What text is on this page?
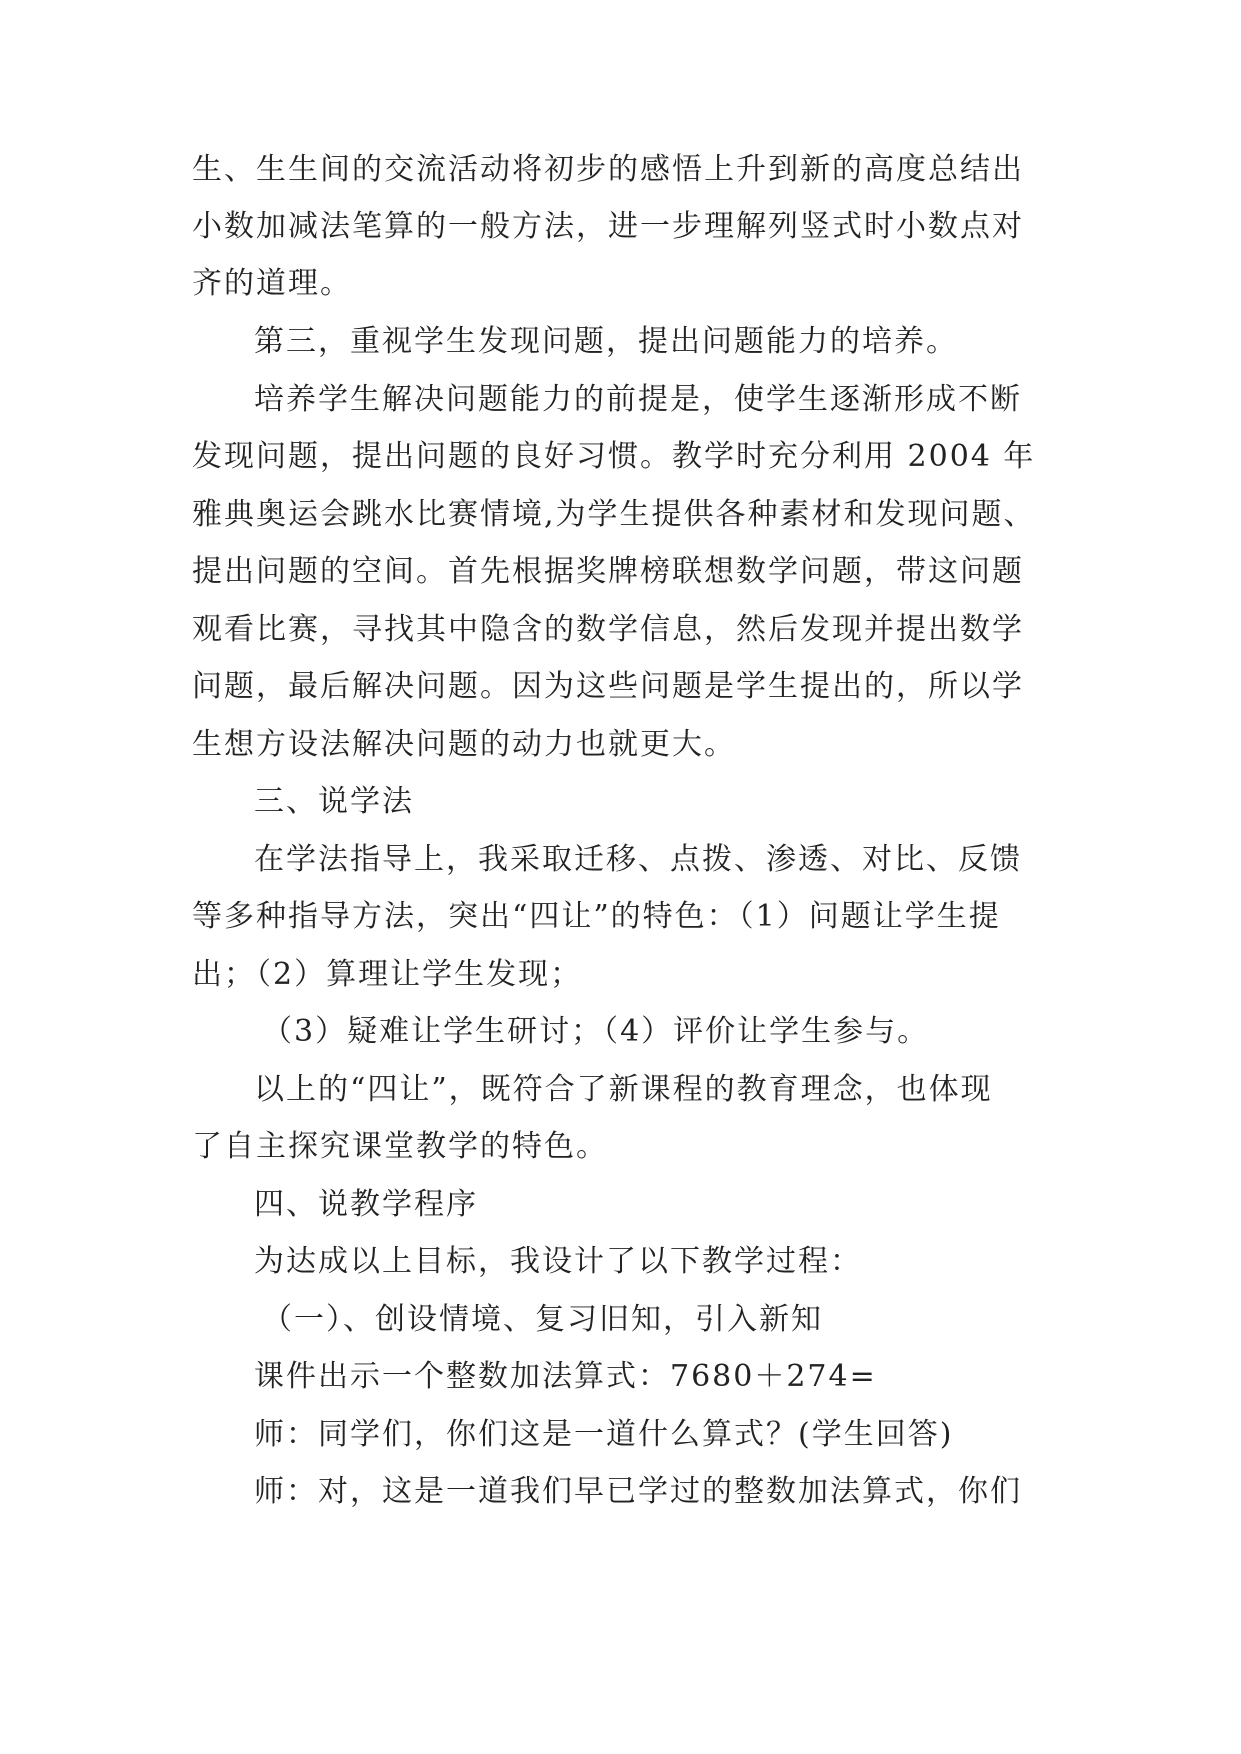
生、生生间的交流活动将初步的感悟上升到新的高度总结出
小数加减法笔算的一般方法，进一步理解列竖式时小数点对
齐的道理。
第三，重视学生发现问题，提出问题能力的培养。
培养学生解决问题能力的前提是，使学生逐渐形成不断
发现问题，提出问题的良好习惯。教学时充分利用 2004 年
雅典奥运会跳水比赛情境,为学生提供各种素材和发现问题、
提出问题的空间。首先根据奖牌榜联想数学问题，带这问题
观看比赛，寻找其中隐含的数学信息，然后发现并提出数学
问题，最后解决问题。因为这些问题是学生提出的，所以学
生想方设法解决问题的动力也就更大。
三、说学法
在学法指导上，我采取迁移、点拨、渗透、对比、反馈
等多种指导方法，突出“四让”的特色：（1）问题让学生提
出；（2）算理让学生发现；
（3）疑难让学生研讨；（4）评价让学生参与。
以上的“四让”，既符合了新课程的教育理念，也体现
了自主探究课堂教学的特色。
四、说教学程序
为达成以上目标，我设计了以下教学过程：
（一）、创设情境、复习旧知，引入新知
课件出示一个整数加法算式：7680＋274=
师：同学们，你们这是一道什么算式？(学生回答)
师：对，这是一道我们早已学过的整数加法算式，你们
